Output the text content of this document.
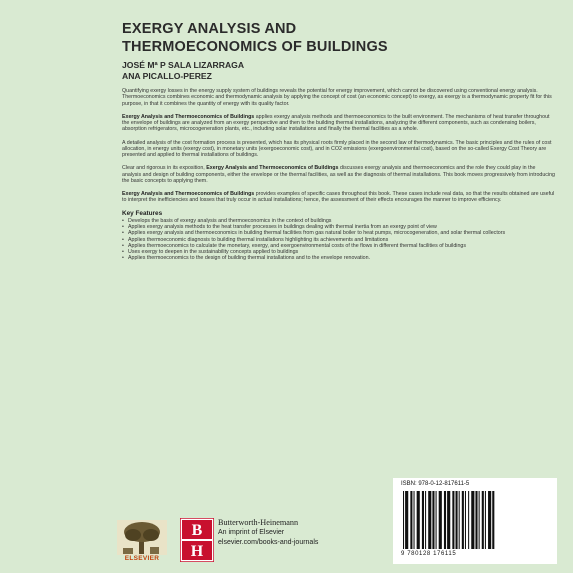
EXERGY ANALYSIS AND
THERMOECONOMICS OF BUILDINGS
JOSÉ Mª P SALA LIZARRAGA
ANA PICALLO-PEREZ

Quantifying exergy losses in the energy supply system of buildings reveals the potential for energy improvement, which cannot be discovered using conventional energy analysis. Thermoeconomics combines economic and thermodynamic analysis by applying the concept of cost (an economic concept) to exergy, as exergy is a thermodynamic property fit for this purpose, in that it combines the quantity of energy with its quality factor.

Exergy Analysis and Thermoeconomics of Buildings applies exergy analysis methods and thermoeconomics to the built environment. The mechanisms of heat transfer throughout the envelope of buildings are analyzed from an exergy perspective and then to the building thermal installations, analyzing the different components, such as condensing boilers, absorption refrigerators, microcogeneration plants, etc., including solar installations and finally the thermal facilities as a whole.

A detailed analysis of the cost formation process is presented, which has its physical roots firmly placed in the second law of thermodynamics. The basic principles and the rules of cost allocation, in energy units (exergy cost), in monetary units (exergoeconomic cost), and in CO2 emissions (exergoenvironmental cost), based on the so-called Exergy Cost Theory are presented and applied to thermal installations of buildings.

Clear and rigorous in its exposition, Exergy Analysis and Thermoeconomics of Buildings discusses exergy analysis and thermoeconomics and the role they could play in the analysis and design of building components, either the envelope or the thermal facilities, as well as the diagnosis of thermal installations. This book moves progressively from introducing the basic concepts to applying them.

Exergy Analysis and Thermoeconomics of Buildings provides examples of specific cases throughout this book. These cases include real data, so that the results obtained are useful to interpret the inefficiencies and losses that truly occur in actual installations; hence, the assessment of their effects encourages the manner to improve efficiency.

Key Features
• Develops the basis of exergy analysis and thermoeconomics in the context of buildings
• Applies exergy analysis methods to the heat transfer processes in buildings dealing with thermal inertia from an exergy point of view
• Applies exergy analysis and thermoeconomics in building thermal facilities from gas natural boiler to heat pumps, microcogeneration, and solar thermal collectors
• Applies thermoeconomic diagnosis to building thermal installations highlighting its achievements and limitations
• Applies thermoeconomics to calculate the monetary, exergy, and exergoenvironmental costs of the flows in different thermal facilities of buildings
• Uses exergy to deepen in the sustainability concepts applied to buildings
• Applies thermoeconomics to the design of building thermal installations and to the envelope renovation.
ELSEVIER
B
H
Butterworth-Heinemann
An imprint of Elsevier
elsevier.com/books-and-journals
ISBN: 978-0-12-817611-5
9 780128 176115
